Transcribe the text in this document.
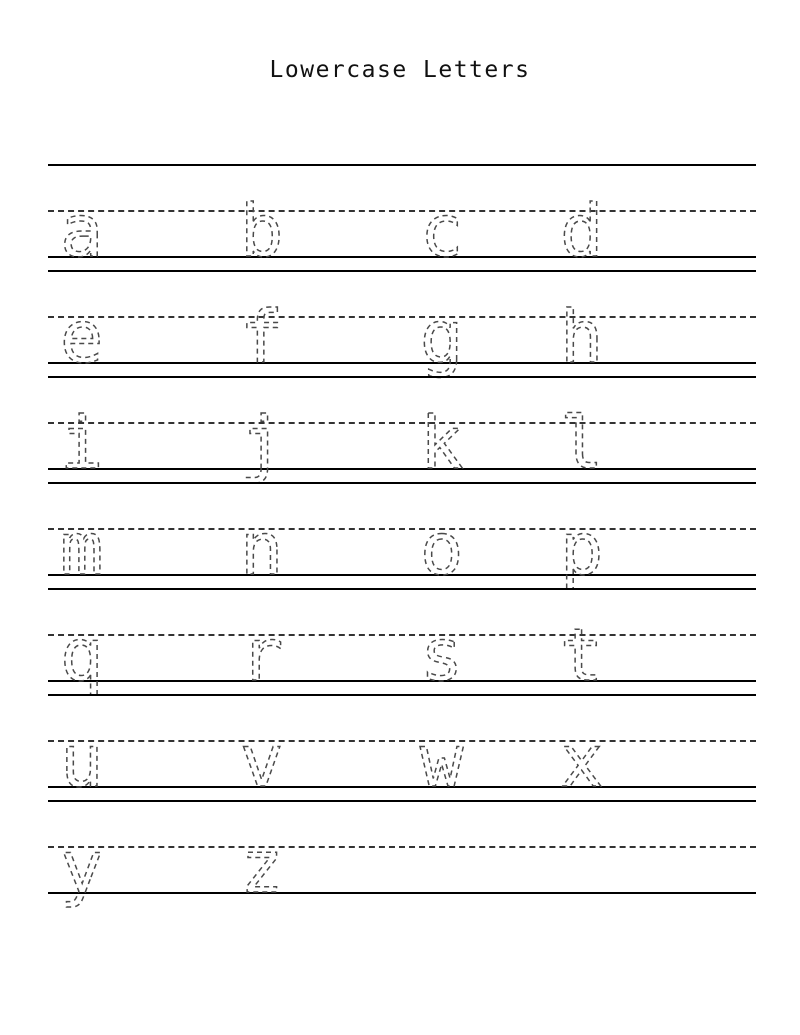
Lowercase Letters
a b c d
e f g h
i j k l
m n o p
q r s t
u v w x
y z
